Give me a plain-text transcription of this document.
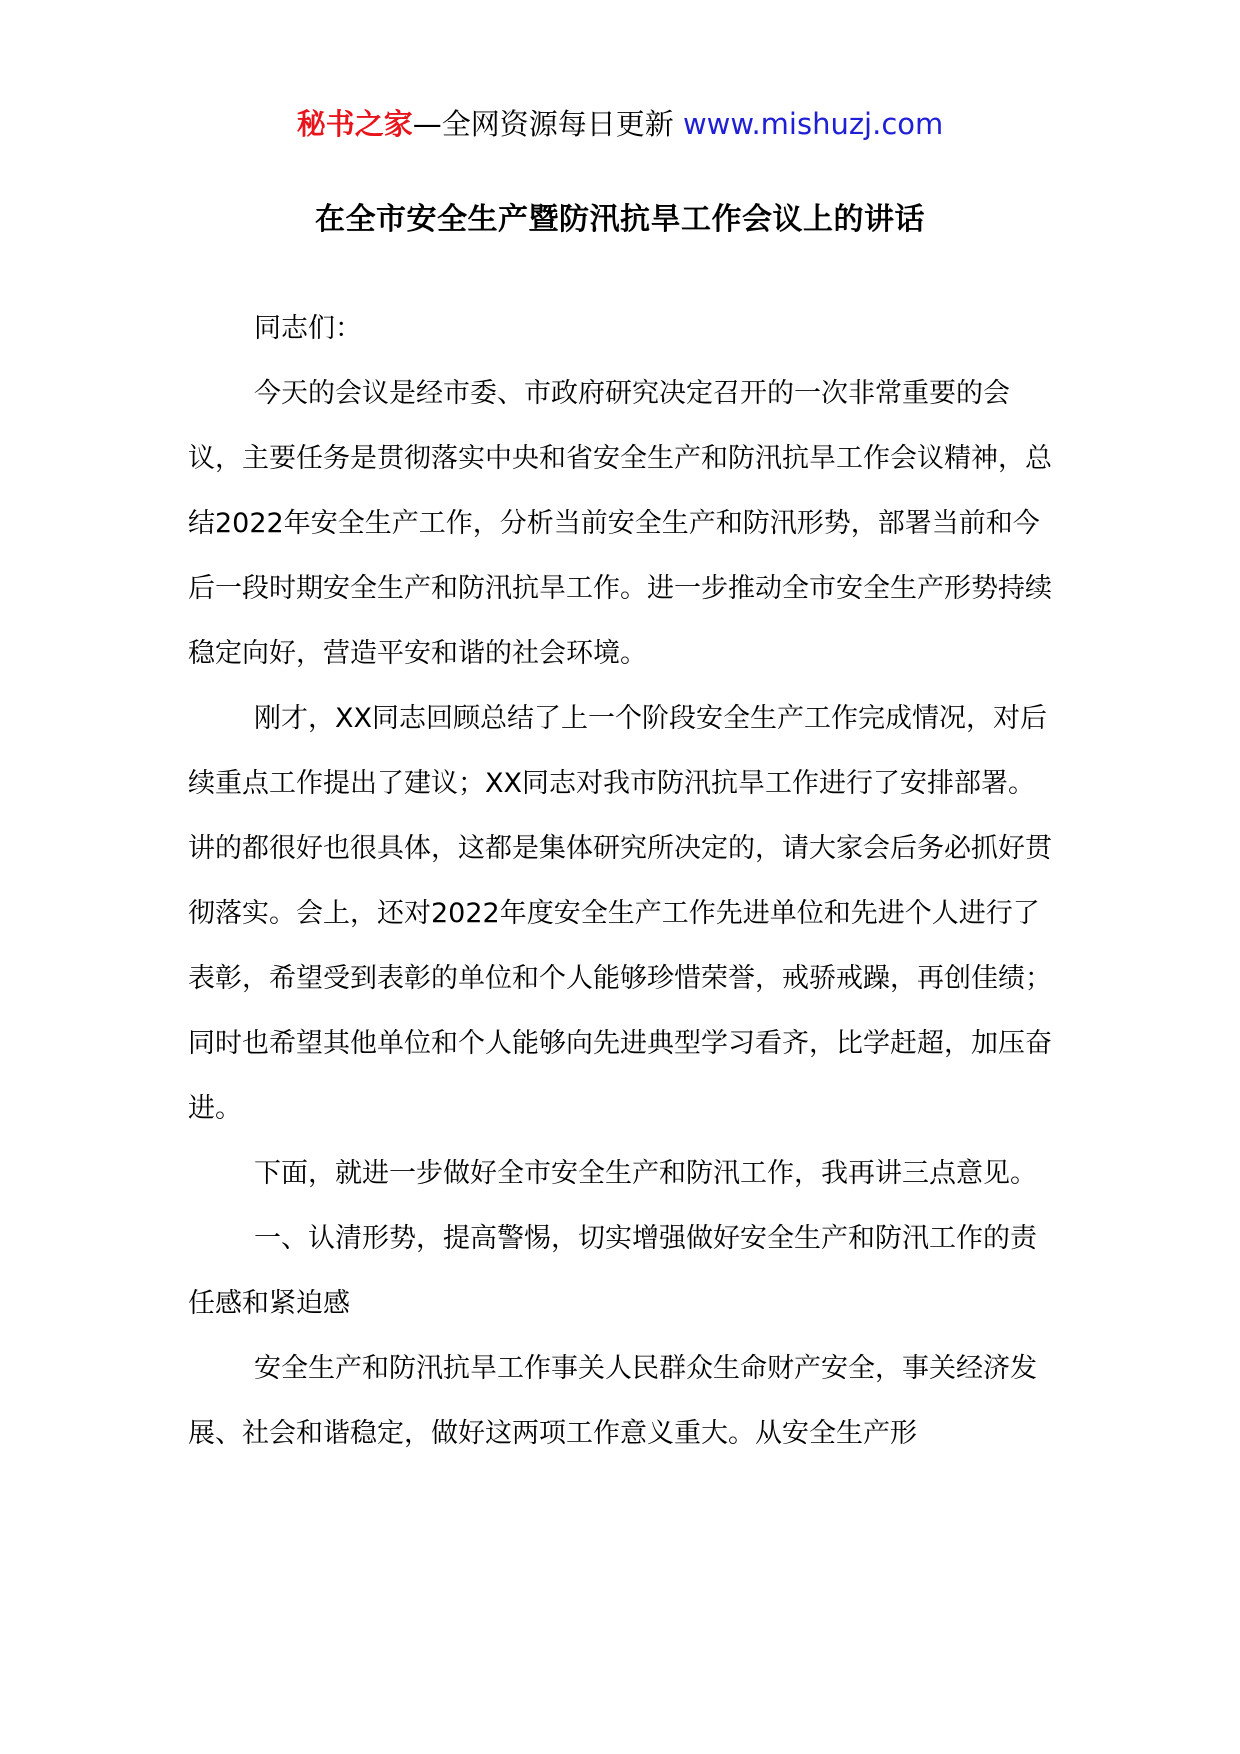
秘书之家—全网资源每日更新 www.mishuzj.com
在全市安全生产暨防汛抗旱工作会议上的讲话

同志们：

今天的会议是经市委、市政府研究决定召开的一次非常重要的会议，主要任务是贯彻落实中央和省安全生产和防汛抗旱工作会议精神，总结2022年安全生产工作，分析当前安全生产和防汛形势，部署当前和今后一段时期安全生产和防汛抗旱工作。进一步推动全市安全生产形势持续稳定向好，营造平安和谐的社会环境。

刚才，XX同志回顾总结了上一个阶段安全生产工作完成情况，对后续重点工作提出了建议；XX同志对我市防汛抗旱工作进行了安排部署。讲的都很好也很具体，这都是集体研究所决定的，请大家会后务必抓好贯彻落实。会上，还对2022年度安全生产工作先进单位和先进个人进行了表彰，希望受到表彰的单位和个人能够珍惜荣誉，戒骄戒躁，再创佳绩；同时也希望其他单位和个人能够向先进典型学习看齐，比学赶超，加压奋进。

下面，就进一步做好全市安全生产和防汛工作，我再讲三点意见。

一、认清形势，提高警惕，切实增强做好安全生产和防汛工作的责任感和紧迫感

安全生产和防汛抗旱工作事关人民群众生命财产安全，事关经济发展、社会和谐稳定，做好这两项工作意义重大。从安全生产形
